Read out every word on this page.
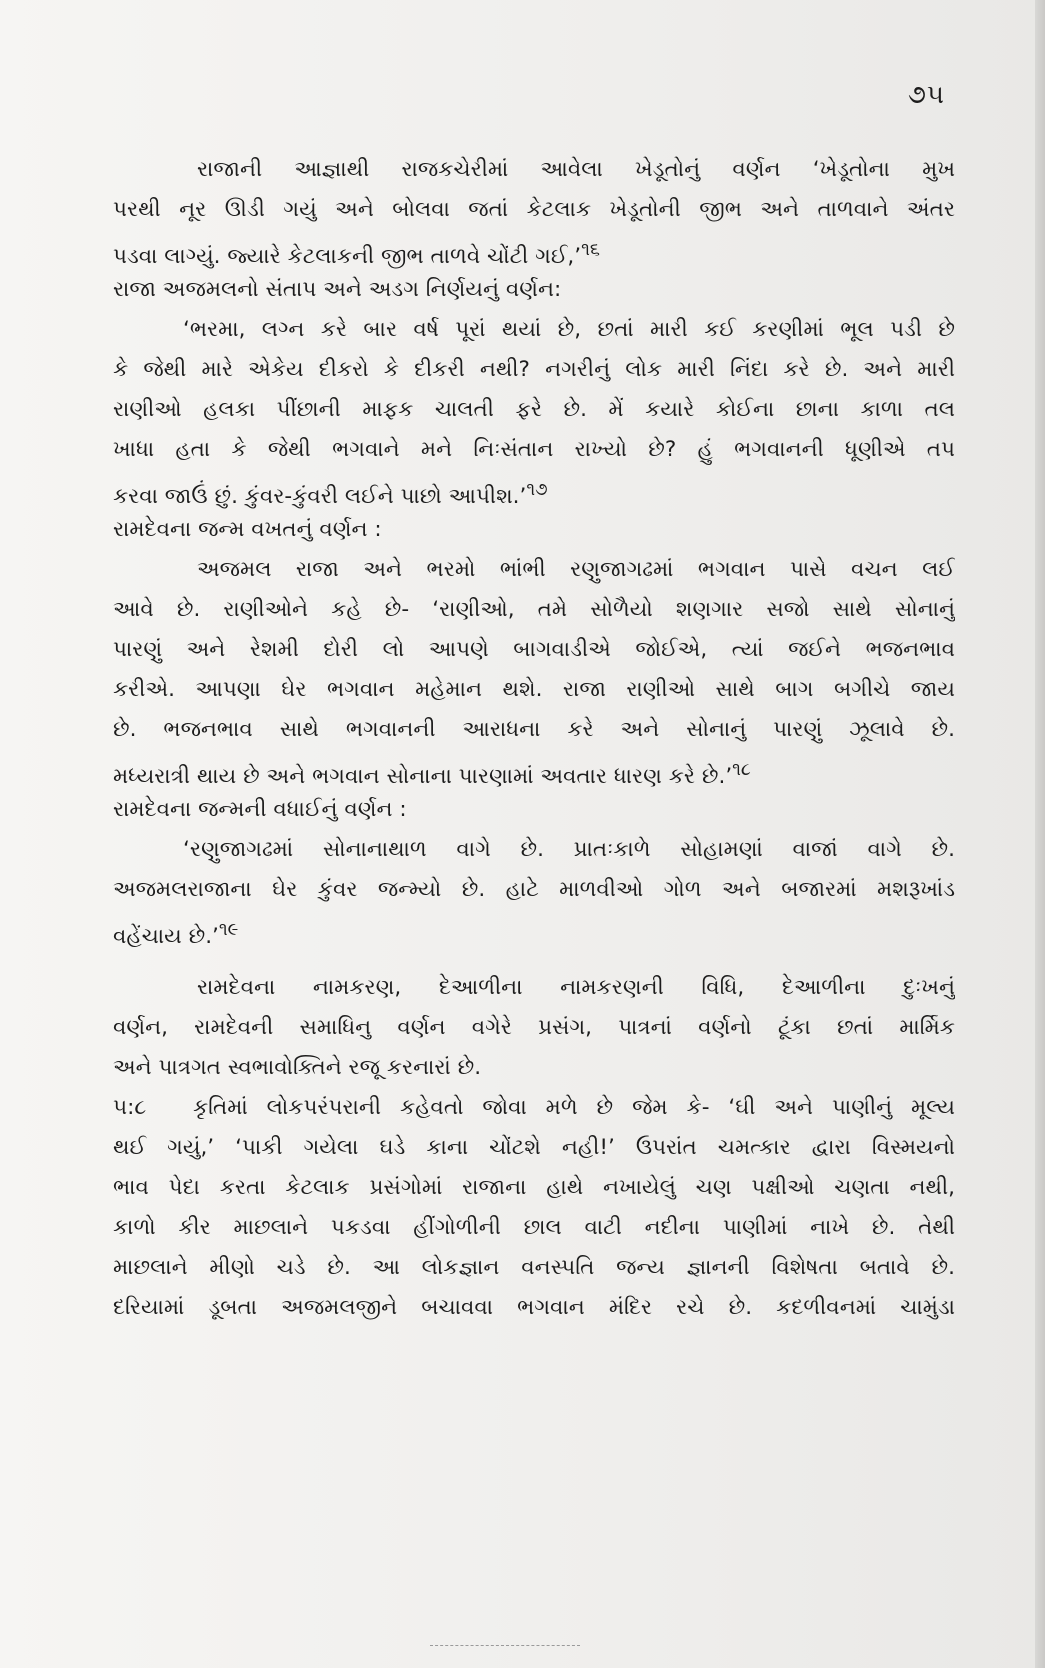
૭૫
રાજાની આજ્ઞાથી રાજકચેરીમાં આવેલા ખેડૂતોનું વર્ણન ‘ખેડૂતોના મુખ
પરથી નૂર ઊડી ગયું અને બોલવા જતાં કેટલાક ખેડૂતોની જીભ અને તાળવાને અંતર
પડવા લાગ્યું. જ્યારે કેટલાકની જીભ તાળવે ચોંટી ગઈ,’$^{૧૬}$
રાજા અજમલનો સંતાપ અને અડગ નિર્ણયનું વર્ણન:
‘ભરમા, લગ્ન કરે બાર વર્ષ પૂરાં થયાં છે, છતાં મારી કઈ કરણીમાં ભૂલ પડી છે
કે જેથી મારે એકેય દીકરો કે દીકરી નથી? નગરીનું લોક મારી નિંદા કરે છે. અને મારી
રાણીઓ હલકા પીંછાની માફક ચાલતી ફરે છે. મેં કયારે કોઈના છાના કાળા તલ
ખાધા હતા કે જેથી ભગવાને મને નિઃસંતાન રાખ્યો છે? હું ભગવાનની ધૂણીએ તપ
કરવા જાઉં છું. કુંવર-કુંવરી લઈને પાછો આપીશ.’$^{૧૭}$
રામદેવના જન્મ વખતનું વર્ણન :
અજમલ રાજા અને ભરમો ભાંભી રણુજાગઢમાં ભગવાન પાસે વચન લઈ
આવે છે. રાણીઓને કહે છે- ‘રાણીઓ, તમે સોળૈયો શણગાર સજો સાથે સોનાનું
પારણું અને રેશમી દોરી લો આપણે બાગવાડીએ જોઈએ, ત્યાં જઈને ભજનભાવ
કરીએ. આપણા ઘેર ભગવાન મહેમાન થશે. રાજા રાણીઓ સાથે બાગ બગીચે જાય
છે. ભજનભાવ સાથે ભગવાનની આરાધના કરે અને સોનાનું પારણું ઝૂલાવે છે.
મધ્યરાત્રી થાય છે અને ભગવાન સોનાના પારણામાં અવતાર ધારણ કરે છે.’$^{૧૮}$
રામદેવના જન્મની વધાઈનું વર્ણન :
‘રણુજાગઢમાં સોનાનાથાળ વાગે છે. પ્રાતઃકાળે સોહામણાં વાજાં વાગે છે.
અજમલરાજાના ઘેર કુંવર જન્મ્યો છે. હાટે માળવીઓ ગોળ અને બજારમાં મશરૂખાંડ
વહેંચાય છે.’$^{૧૯}$
રામદેવના નામકરણ, દેઆળીના નામકરણની વિધિ, દેઆળીના દુઃખનું
વર્ણન, રામદેવની સમાધિનુ વર્ણન વગેરે પ્રસંગ, પાત્રનાં વર્ણનો ટૂંકા છતાં માર્મિક
અને પાત્રગત સ્વભાવોક્તિને રજૂ કરનારાં છે.
૫:૮ કૃતિમાં લોકપરંપરાની કહેવતો જોવા મળે છે જેમ કે- ‘ઘી અને પાણીનું મૂલ્ય
થઈ ગયું,’ ‘પાકી ગયેલા ઘડે કાના ચોંટશે નહી!’ ઉપરાંત ચમત્કાર દ્વારા વિસ્મયનો
ભાવ પેદા કરતા કેટલાક પ્રસંગોમાં રાજાના હાથે નખાયેલું ચણ પક્ષીઓ ચણતા નથી,
કાળો કીર માછલાને પકડવા હીંગોળીની છાલ વાટી નદીના પાણીમાં નાખે છે. તેથી
માછલાને મીણો ચડે છે. આ લોકજ્ઞાન વનસ્પતિ જન્ય જ્ઞાનની વિશેષતા બતાવે છે.
દરિયામાં ડૂબતા અજમલજીને બચાવવા ભગવાન મંદિર રચે છે. કદળીવનમાં ચામુંડા
